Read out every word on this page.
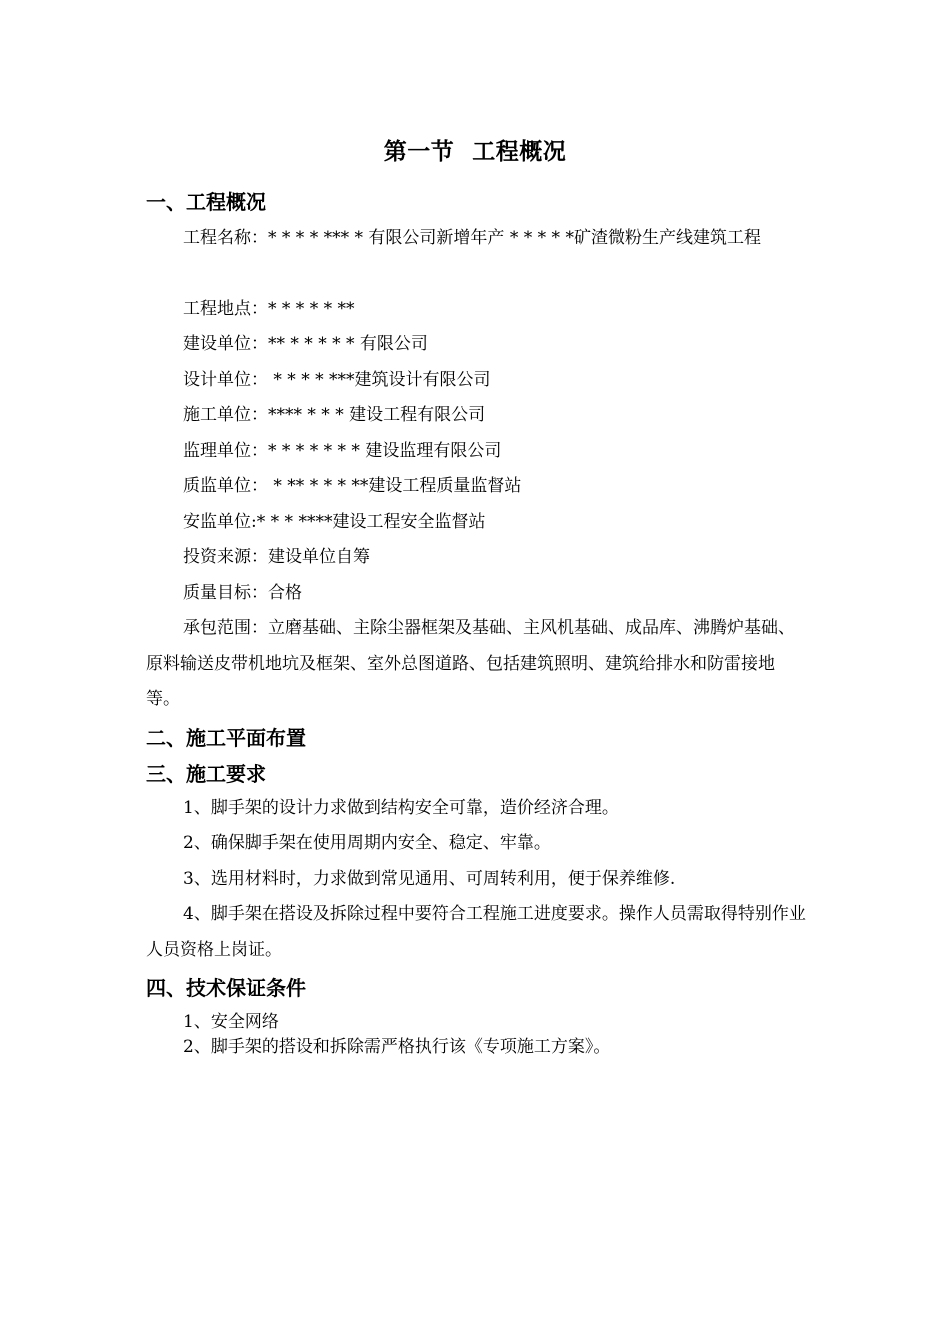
第一节 工程概况
一、工程概况
工程名称：* * * * *** * 有限公司新增年产 * * * * *矿渣微粉生产线建筑工程
工程地点：* * * * * **
建设单位：** * * * * * 有限公司
设计单位： * * * * ***建筑设计有限公司
施工单位：**** * * * 建设工程有限公司
监理单位：* * * * * * * 建设监理有限公司
质监单位： * ** * * * **建设工程质量监督站
安监单位:* * * ****建设工程安全监督站
投资来源：建设单位自筹
质量目标：合格
承包范围：立磨基础、主除尘器框架及基础、主风机基础、成品库、沸腾炉基础、原料输送皮带机地坑及框架、室外总图道路、包括建筑照明、建筑给排水和防雷接地等。
二、施工平面布置
三、施工要求
1、脚手架的设计力求做到结构安全可靠，造价经济合理。
2、确保脚手架在使用周期内安全、稳定、牢靠。
3、选用材料时，力求做到常见通用、可周转利用，便于保养维修.
4、脚手架在搭设及拆除过程中要符合工程施工进度要求。操作人员需取得特别作业人员资格上岗证。
四、技术保证条件
1、安全网络
2、脚手架的搭设和拆除需严格执行该《专项施工方案》。
